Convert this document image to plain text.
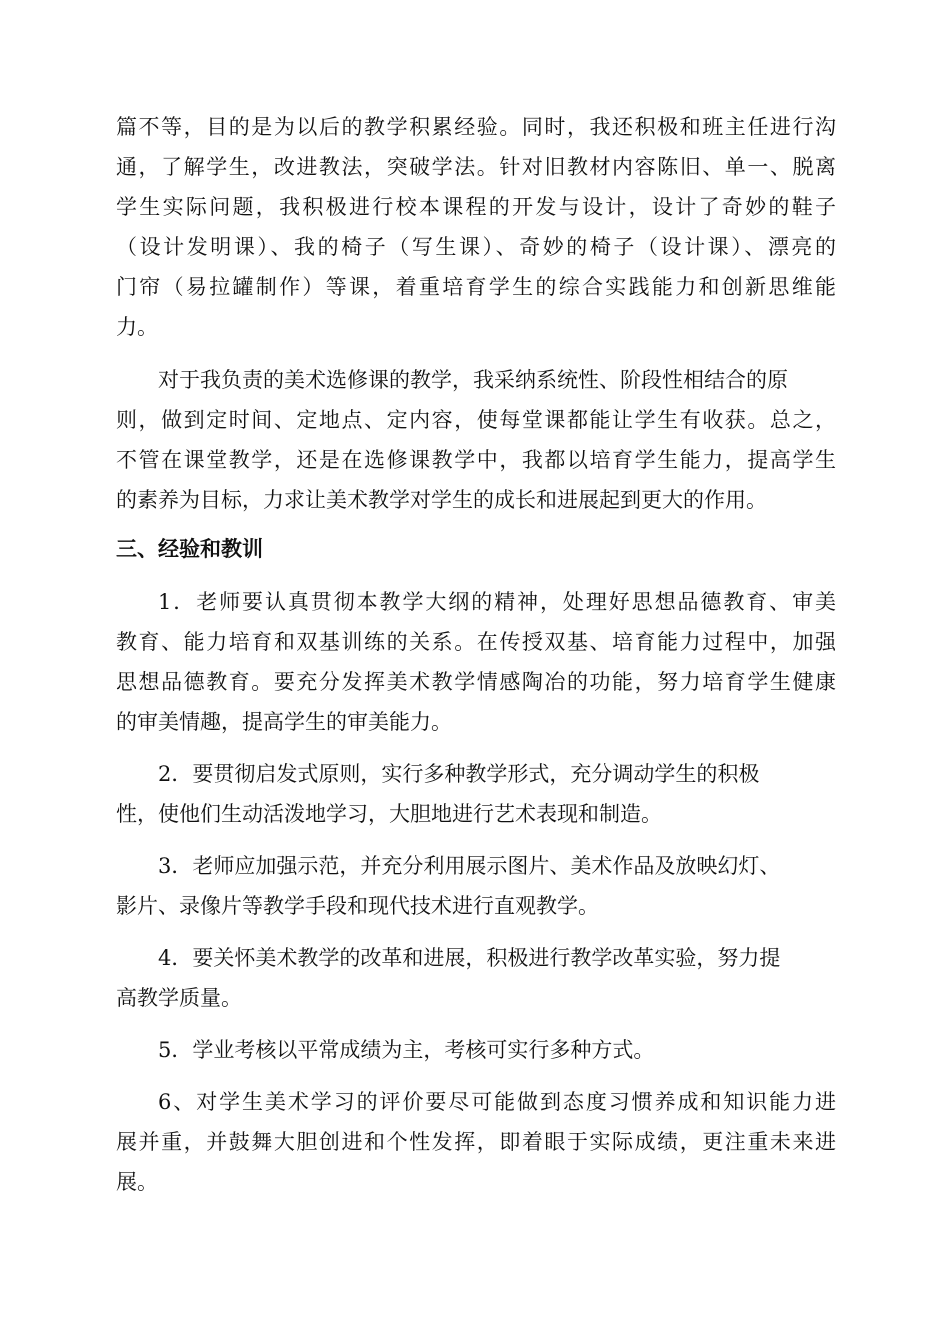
篇不等，目的是为以后的教学积累经验。同时，我还积极和班主任进行沟
通，了解学生，改进教法，突破学法。针对旧教材内容陈旧、单一、脱离
学生实际问题，我积极进行校本课程的开发与设计，设计了奇妙的鞋子
（设计发明课）、我的椅子（写生课）、奇妙的椅子（设计课）、漂亮的
门帘（易拉罐制作）等课，着重培育学生的综合实践能力和创新思维能
力。
对于我负责的美术选修课的教学，我采纳系统性、阶段性相结合的原
则，做到定时间、定地点、定内容，使每堂课都能让学生有收获。总之，
不管在课堂教学，还是在选修课教学中，我都以培育学生能力，提高学生
的素养为目标，力求让美术教学对学生的成长和进展起到更大的作用。
三、经验和教训
1．老师要认真贯彻本教学大纲的精神，处理好思想品德教育、审美
教育、能力培育和双基训练的关系。在传授双基、培育能力过程中，加强
思想品德教育。要充分发挥美术教学情感陶冶的功能，努力培育学生健康
的审美情趣，提高学生的审美能力。
2．要贯彻启发式原则，实行多种教学形式，充分调动学生的积极
性，使他们生动活泼地学习，大胆地进行艺术表现和制造。
3．老师应加强示范，并充分利用展示图片、美术作品及放映幻灯、
影片、录像片等教学手段和现代技术进行直观教学。
4．要关怀美术教学的改革和进展，积极进行教学改革实验，努力提
高教学质量。
5．学业考核以平常成绩为主，考核可实行多种方式。
6、对学生美术学习的评价要尽可能做到态度习惯养成和知识能力进
展并重，并鼓舞大胆创进和个性发挥，即着眼于实际成绩，更注重未来进
展。
